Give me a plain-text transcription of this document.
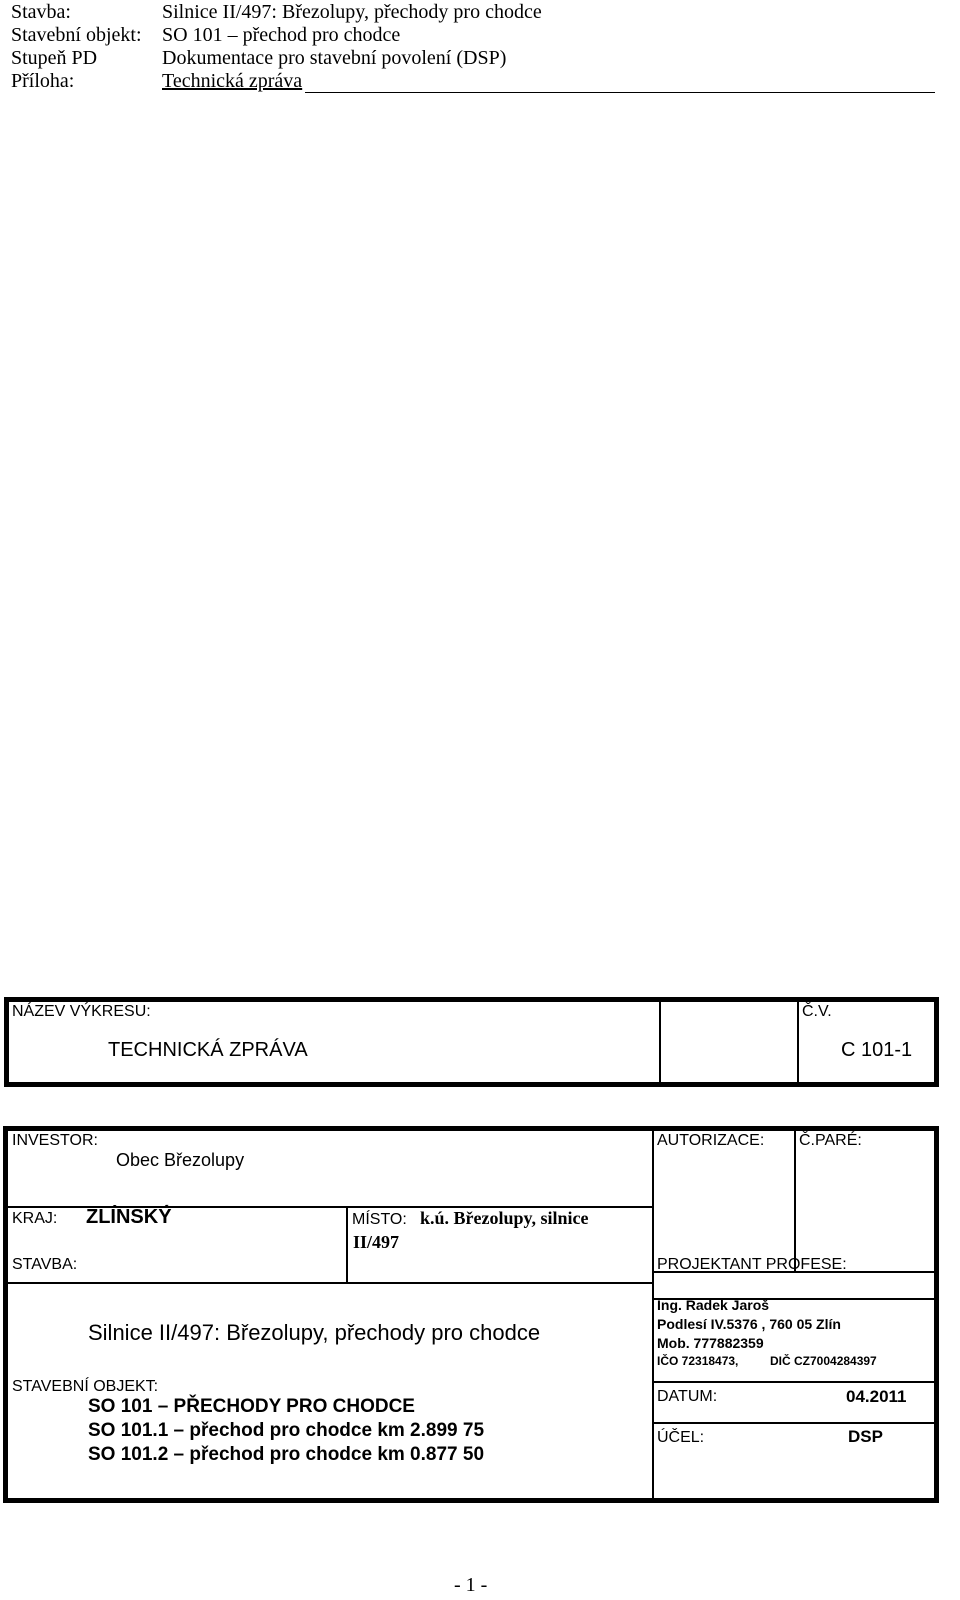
Stavba:	Silnice II/497: Březolupy, přechody pro chodce
Stavební objekt: SO 101 – přechod pro chodce
Stupeň PD	Dokumentace pro stavební povolení (DSP)
Příloha:	Technická zpráva
NÁZEV VÝKRESU:
TECHNICKÁ ZPRÁVA
Č.V.
C 101-1
INVESTOR:
Obec Březolupy
AUTORIZACE: Č.PARÉ:
KRAJ: ZLÍNSKÝ	MÍSTO: k.ú. Březolupy, silnice
II/497
STAVBA:
Silnice II/497: Březolupy, přechody pro chodce
PROJEKTANT PROFESE:
Ing. Radek Jaroš
Podlesí IV.5376 , 760 05 Zlín
Mob. 777882359
IČO 72318473,	DIČ CZ7004284397
STAVEBNÍ OBJEKT:
SO 101 – PŘECHODY PRO CHODCE
SO 101.1 – přechod pro chodce km 2.899 75
SO 101.2 – přechod pro chodce km 0.877 50
DATUM:	04.2011
ÚČEL:	DSP
- 1 -
